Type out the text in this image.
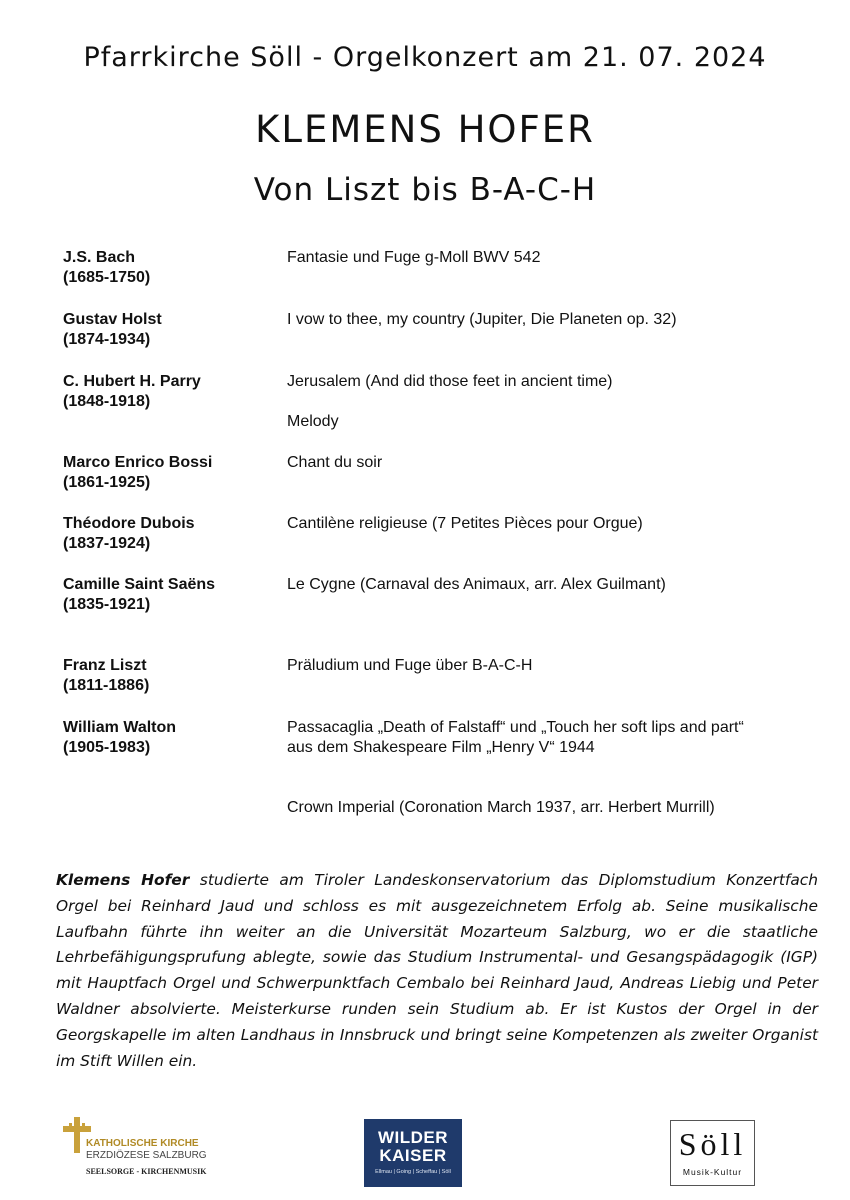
Pfarrkirche Söll - Orgelkonzert am 21. 07. 2024
KLEMENS HOFER
Von Liszt bis B-A-C-H
J.S. Bach
(1685-1750)
Fantasie und Fuge g-Moll BWV 542
Gustav Holst
(1874-1934)
I vow to thee, my country (Jupiter, Die Planeten op. 32)
C. Hubert H. Parry
(1848-1918)
Jerusalem (And did those feet in ancient time)
Melody
Marco Enrico Bossi
(1861-1925)
Chant du soir
Théodore Dubois
(1837-1924)
Cantilène religieuse (7 Petites Pièces pour Orgue)
Camille Saint Saëns
(1835-1921)
Le Cygne (Carnaval des Animaux, arr. Alex Guilmant)
Franz Liszt
(1811-1886)
Präludium und Fuge über B-A-C-H
William Walton
(1905-1983)
Passacaglia „Death of Falstaff“ und „Touch her soft lips and part“ aus dem Shakespeare Film „Henry V“ 1944
Crown Imperial (Coronation March 1937, arr. Herbert Murrill)
Klemens Hofer studierte am Tiroler Landeskonservatorium das Diplomstudium Konzertfach Orgel bei Reinhard Jaud und schloss es mit ausgezeichnetem Erfolg ab. Seine musikalische Laufbahn führte ihn weiter an die Universität Mozarteum Salzburg, wo er die staatliche Lehrbefähigungsprufung ablegte, sowie das Studium Instrumental- und Gesangspädagogik (IGP) mit Hauptfach Orgel und Schwerpunktfach Cembalo bei Reinhard Jaud, Andreas Liebig und Peter Waldner absolvierte. Meisterkurse runden sein Studium ab. Er ist Kustos der Orgel in der Georgskapelle im alten Landhaus in Innsbruck und bringt seine Kompetenzen als zweiter Organist im Stift Willen ein.
KATHOLISCHE KIRCHE
ERZDIÖZESE SALZBURG
SEELSORGE - KIRCHENMUSIK
WILDER
KAISER
Ellmau | Going | Scheffau | Söll
Söll
Musik-Kultur
